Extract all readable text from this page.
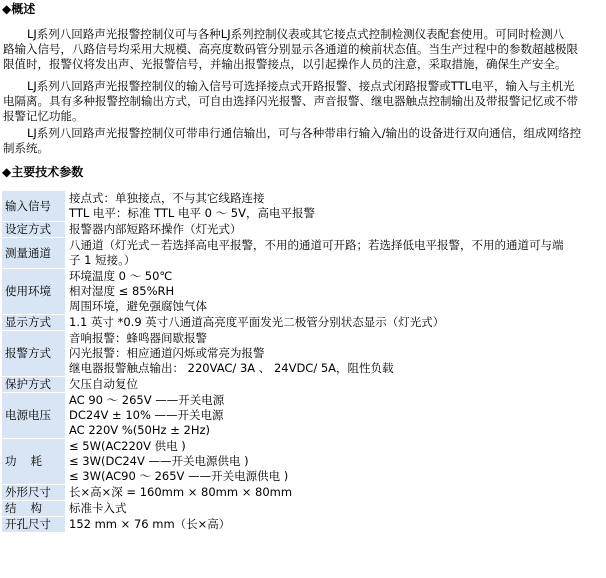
◆概述
LJ系列八回路声光报警控制仪可与各种LJ系列控制仪表或其它接点式控制检测仪表配套使用。可同时检测八
路输入信号，八路信号均采用大规模、高亮度数码管分别显示各通道的検前状态值。当生产过程中的参数超越极限
限值时，报警仪将发出声、光报警信号，并输出报警接点，以引起操作人员的注意，采取措施，确保生产安全。
LJ系列八回路声光报警控制仪的输入信号可选择接点式开路报警、接点式闭路报警或TTL电平，输入与主机光
电隔离。具有多种报警控制输出方式，可自由选择闪光报警、声音报警、继电器触点控制输出及带报警记忆或不带
报警记忆功能。
LJ系列八回路声光报警控制仪可带串行通信输出，可与各种带串行输入/输出的设备进行双向通信，组成网络控
制系统。
◆主要技术参数
输入信号	接点式：单独接点，不与其它线路连接
TTL 电平：标准 TTL 电平 0 ～ 5V，高电平报警

设定方式	报警器内部短路环操作（灯光式）

测量通道	八通道（灯光式－若选择高电平报警，不用的通道可开路；若选择低电平报警，不用的通道可与端
子 1 短接。）

使用环境	环境温度 0 ～ 50℃
相对湿度 ≤ 85%RH
周围环境，避免强腐蚀气体

显示方式	1.1 英寸 *0.9 英寸八通道高亮度平面发光二极管分别状态显示（灯光式）

报警方式	音响报警：蜂鸣器间歇报警
闪光报警：相应通道闪烁或常亮为报警
继电器报警触点输出： 220VAC/ 3A 、 24VDC/ 5A，阻性负载

保护方式	欠压自动复位

电源电压	AC 90 ～ 265V ——开关电源
DC24V ± 10% ——开关电源
AC 220V %(50Hz ± 2Hz)

功耗	≤ 5W(AC220V 供电 )
≤ 3W(DC24V ——开关电源供电 )
≤ 3W(AC90 ～ 265V ——开关电源供电 )

外形尺寸	长×高×深 = 160mm × 80mm × 80mm

结构	标准卡入式

开孔尺寸	152 mm × 76 mm（长×高）
